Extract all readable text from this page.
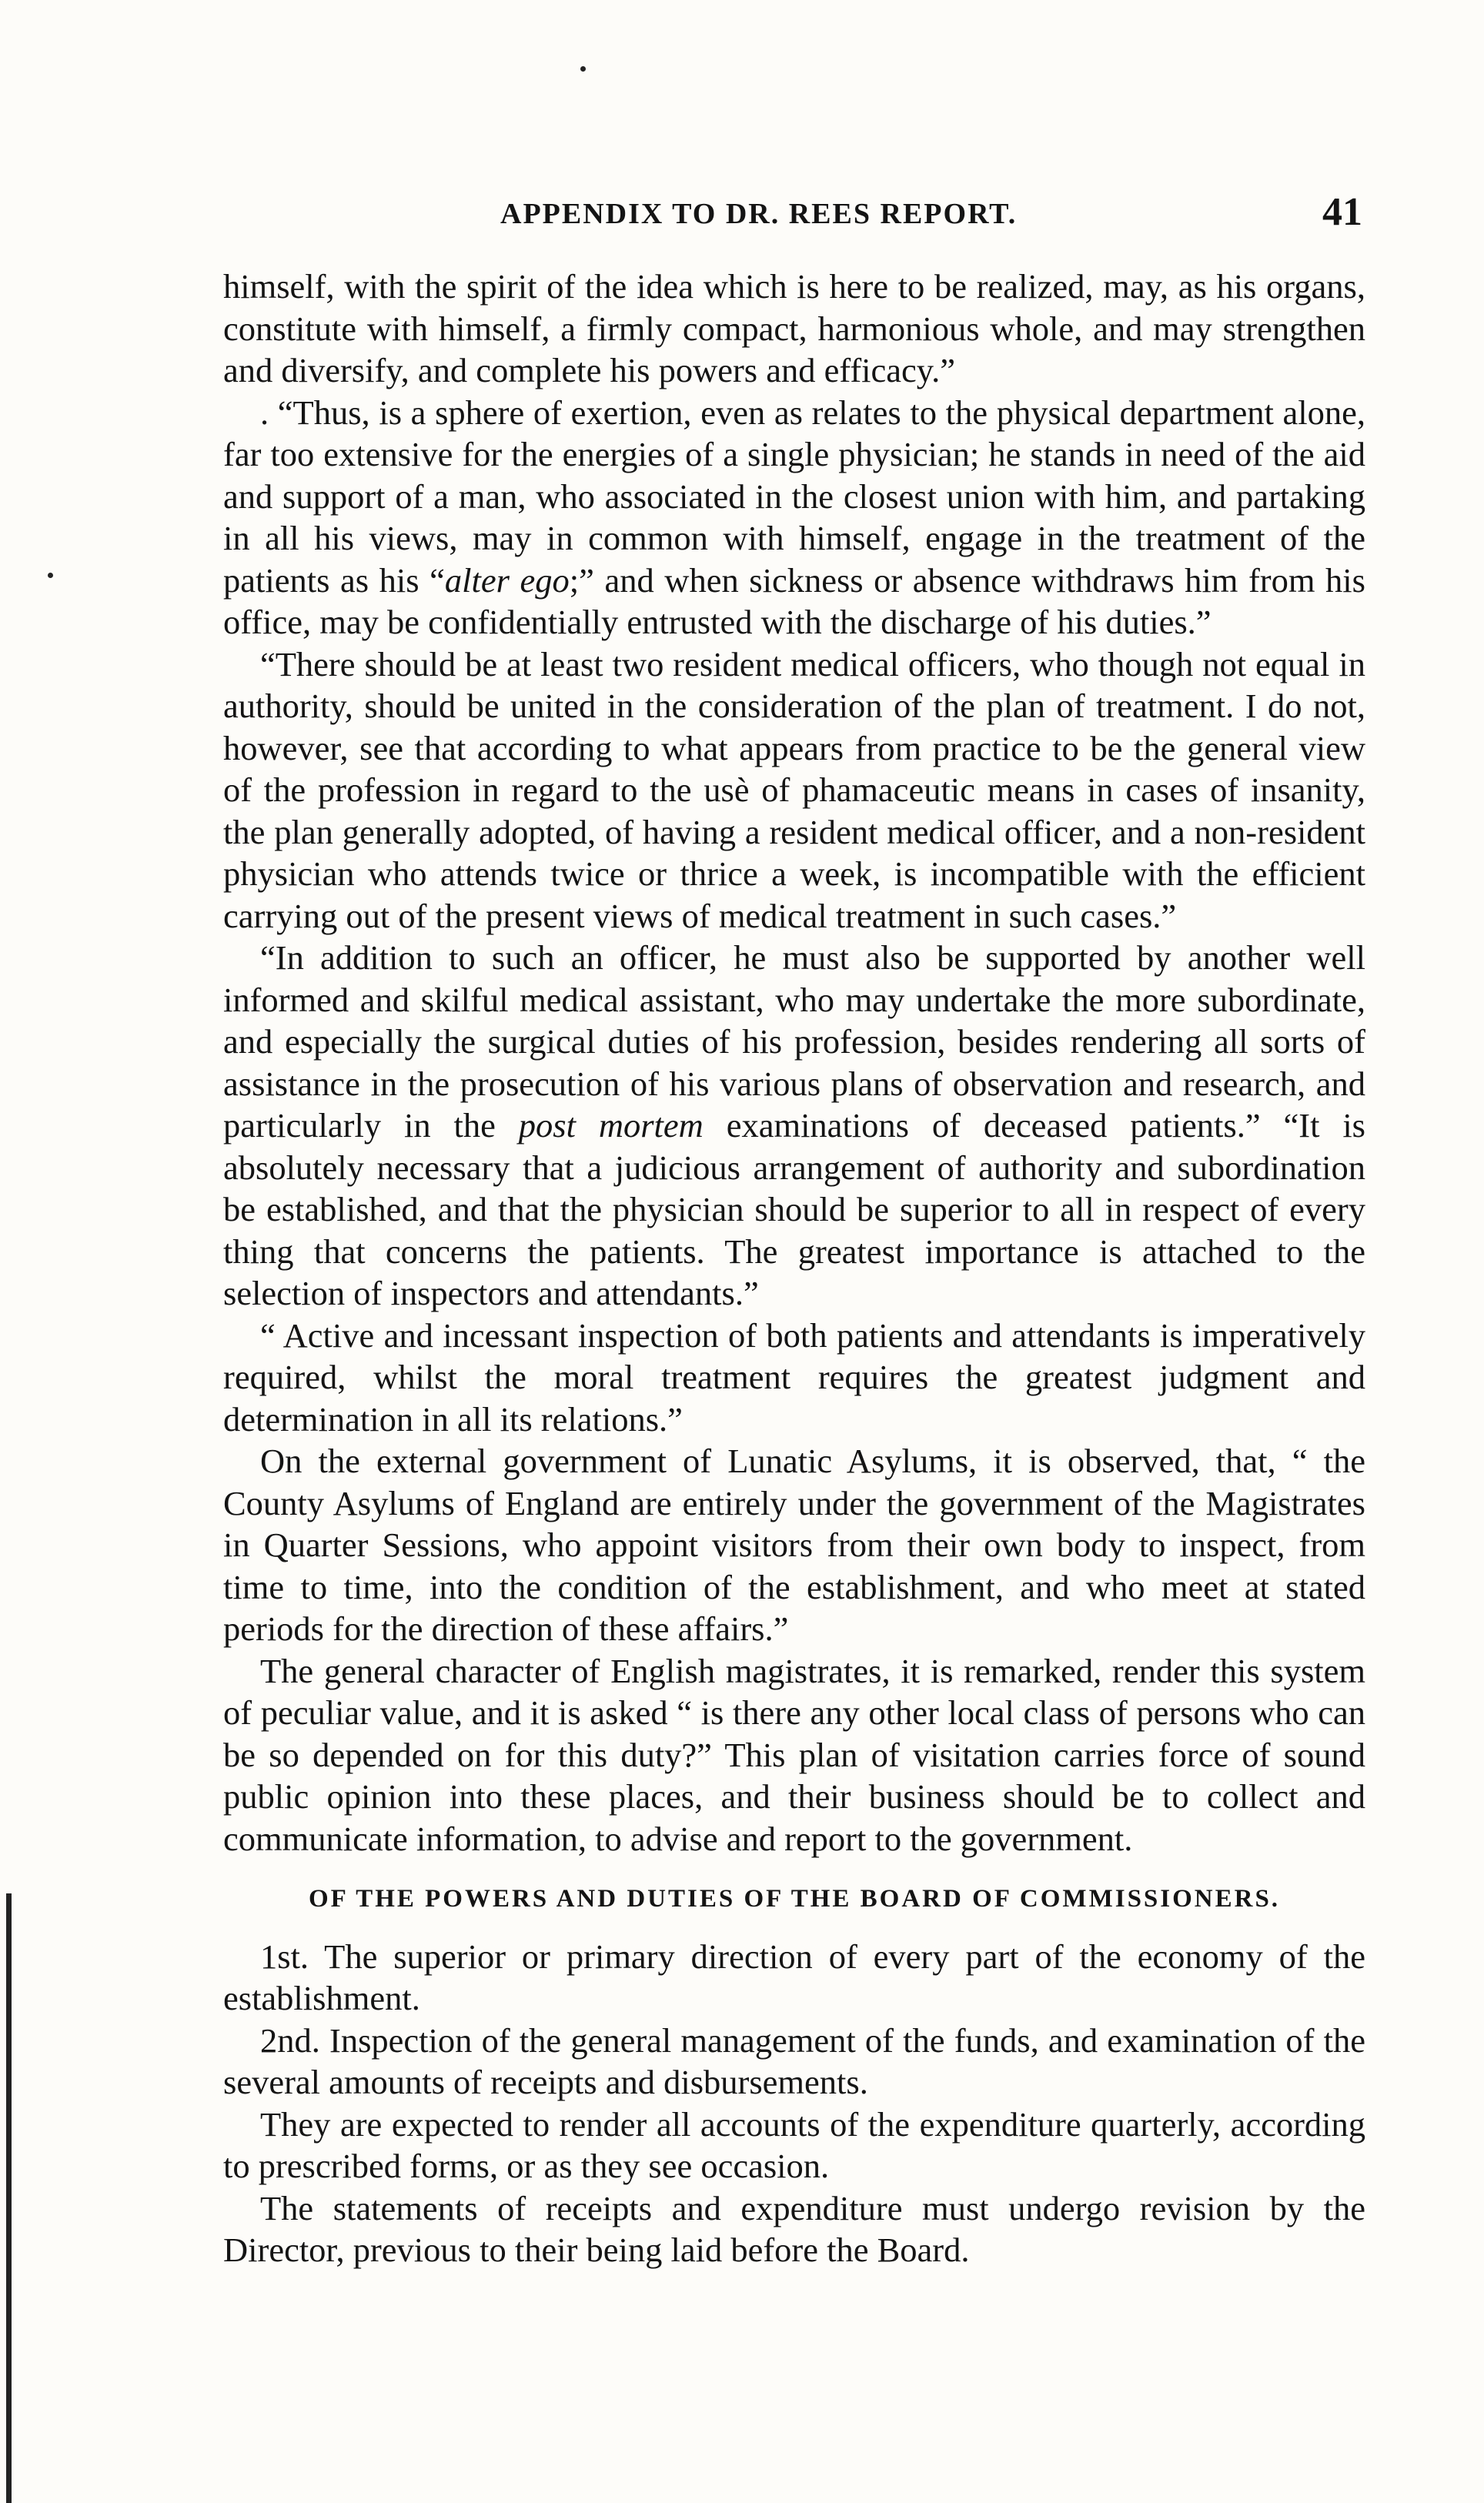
APPENDIX TO DR. REES REPORT.	41

himself, with the spirit of the idea which is here to be realized, may, as his organs, constitute with himself, a firmly compact, harmonious whole, and may strengthen and diversify, and complete his powers and efficacy.”

. “Thus, is a sphere of exertion, even as relates to the physical department alone, far too extensive for the energies of a single physician; he stands in need of the aid and support of a man, who associated in the closest union with him, and partaking in all his views, may in common with himself, engage in the treatment of the patients as his “alter ego;” and when sickness or absence withdraws him from his office, may be confidentially entrusted with the discharge of his duties.”

“There should be at least two resident medical officers, who though not equal in authority, should be united in the consideration of the plan of treatment. I do not, however, see that according to what appears from practice to be the general view of the profession in regard to the usè of phamaceutic means in cases of insanity, the plan generally adopted, of having a resident medical officer, and a non-resident physician who attends twice or thrice a week, is incompatible with the efficient carrying out of the present views of medical treatment in such cases.”

“In addition to such an officer, he must also be supported by another well informed and skilful medical assistant, who may undertake the more subordinate, and especially the surgical duties of his profession, besides rendering all sorts of assistance in the prosecution of his various plans of observation and research, and particularly in the post mortem examinations of deceased patients.” “It is absolutely necessary that a judicious arrangement of authority and subordination be established, and that the physician should be superior to all in respect of every thing that concerns the patients. The greatest importance is attached to the selection of inspectors and attendants.”

“ Active and incessant inspection of both patients and attendants is imperatively required, whilst the moral treatment requires the greatest judgment and determination in all its relations.”

On the external government of Lunatic Asylums, it is observed, that, “ the County Asylums of England are entirely under the government of the Magistrates in Quarter Sessions, who appoint visitors from their own body to inspect, from time to time, into the condition of the establishment, and who meet at stated periods for the direction of these affairs.”

The general character of English magistrates, it is remarked, render this system of peculiar value, and it is asked “ is there any other local class of persons who can be so depended on for this duty?” This plan of visitation carries force of sound public opinion into these places, and their business should be to collect and communicate information, to advise and report to the government.

OF THE POWERS AND DUTIES OF THE BOARD OF COMMISSIONERS.

1st. The superior or primary direction of every part of the economy of the establishment.

2nd. Inspection of the general management of the funds, and examination of the several amounts of receipts and disbursements.

They are expected to render all accounts of the expenditure quarterly, according to prescribed forms, or as they see occasion.

The statements of receipts and expenditure must undergo revision by the Director, previous to their being laid before the Board.
